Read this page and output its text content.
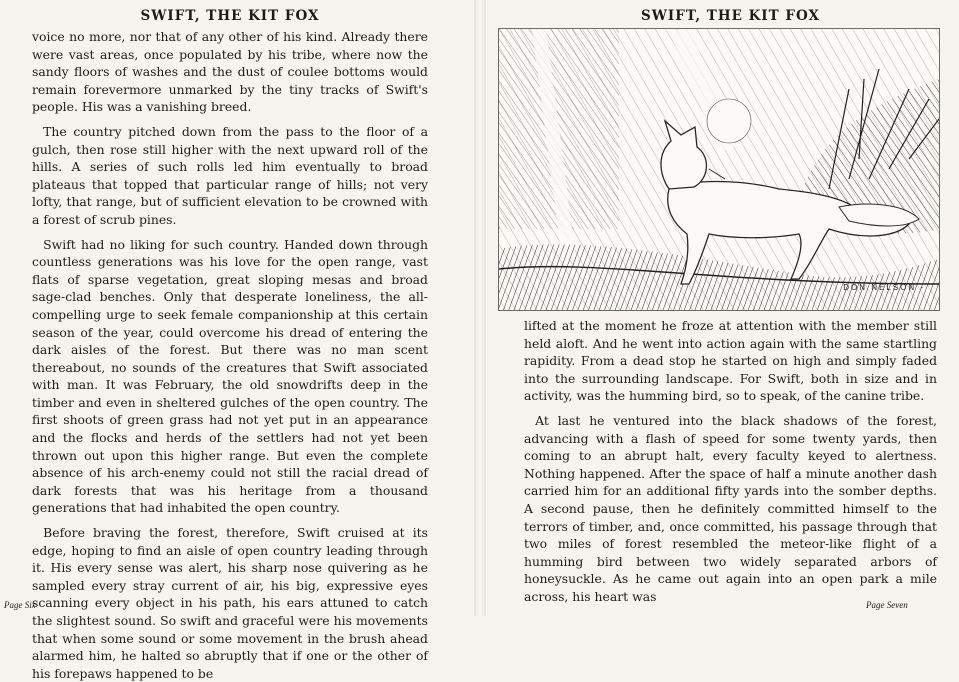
SWIFT, THE KIT FOX

voice no more, nor that of any other of his kind. Already there were vast areas, once populated by his tribe, where now the sandy floors of washes and the dust of coulee bottoms would remain forevermore unmarked by the tiny tracks of Swift's people. His was a vanishing breed.

The country pitched down from the pass to the floor of a gulch, then rose still higher with the next upward roll of the hills. A series of such rolls led him eventually to broad plateaus that topped that particular range of hills; not very lofty, that range, but of sufficient elevation to be crowned with a forest of scrub pines.

Swift had no liking for such country. Handed down through countless generations was his love for the open range, vast flats of sparse vegetation, great sloping mesas and broad sage-clad benches. Only that desperate loneliness, the all-compelling urge to seek female companionship at this certain season of the year, could overcome his dread of entering the dark aisles of the forest. But there was no man scent thereabout, no sounds of the creatures that Swift associated with man. It was February, the old snowdrifts deep in the timber and even in sheltered gulches of the open country. The first shoots of green grass had not yet put in an appearance and the flocks and herds of the settlers had not yet been thrown out upon this higher range. But even the complete absence of his arch-enemy could not still the racial dread of dark forests that was his heritage from a thousand generations that had inhabited the open country.

Before braving the forest, therefore, Swift cruised at its edge, hoping to find an aisle of open country leading through it. His every sense was alert, his sharp nose quivering as he sampled every stray current of air, his big, expressive eyes scanning every object in his path, his ears attuned to catch the slightest sound. So swift and graceful were his movements that when some sound or some movement in the brush ahead alarmed him, he halted so abruptly that if one or the other of his forepaws happened to be

Page Six
SWIFT, THE KIT FOX
DON NELSON -

lifted at the moment he froze at attention with the member still held aloft. And he went into action again with the same startling rapidity. From a dead stop he started on high and simply faded into the surrounding landscape. For Swift, both in size and in activity, was the humming bird, so to speak, of the canine tribe.

At last he ventured into the black shadows of the forest, advancing with a flash of speed for some twenty yards, then coming to an abrupt halt, every faculty keyed to alertness. Nothing happened. After the space of half a minute another dash carried him for an additional fifty yards into the somber depths. A second pause, then he definitely committed himself to the terrors of timber, and, once committed, his passage through that two miles of forest resembled the meteor-like flight of a humming bird between two widely separated arbors of honeysuckle. As he came out again into an open park a mile across, his heart was

Page Seven
